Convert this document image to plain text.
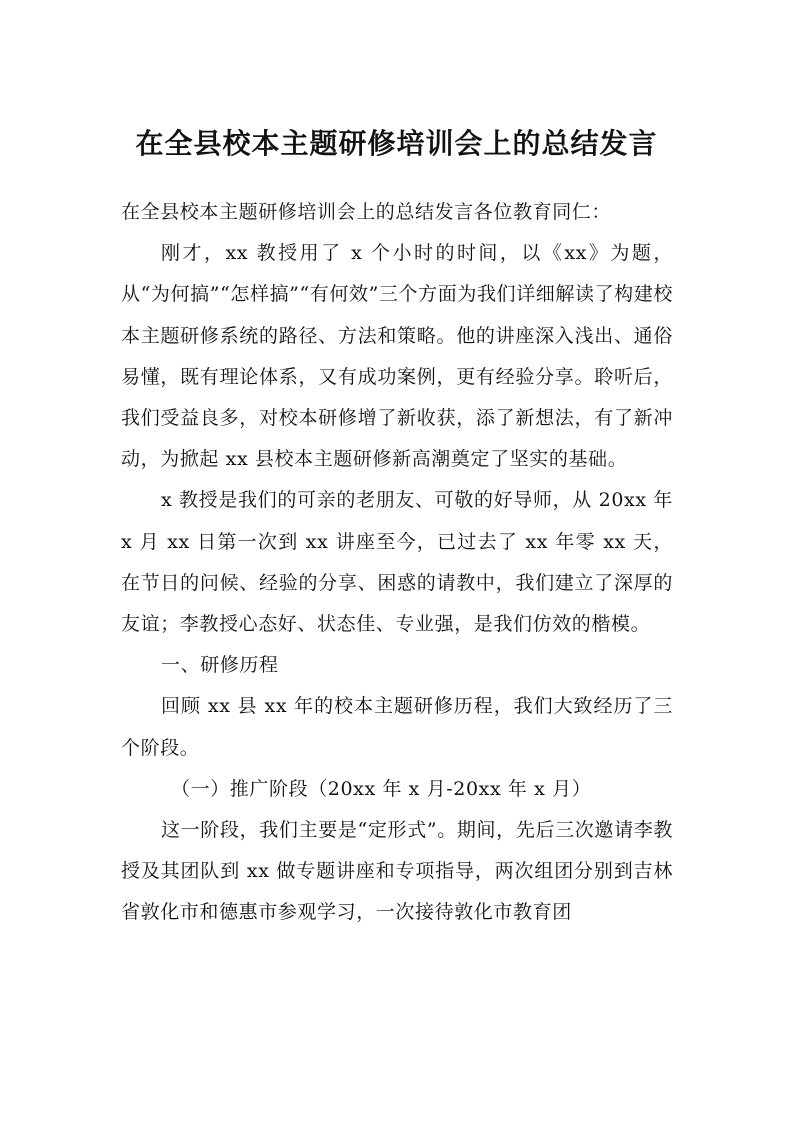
在全县校本主题研修培训会上的总结发言

在全县校本主题研修培训会上的总结发言各位教育同仁：

刚才，xx 教授用了 x 个小时的时间，以《xx》为题，从“为何搞”“怎样搞”“有何效”三个方面为我们详细解读了构建校本主题研修系统的路径、方法和策略。他的讲座深入浅出、通俗易懂，既有理论体系，又有成功案例，更有经验分享。聆听后，我们受益良多，对校本研修增了新收获，添了新想法，有了新冲动，为掀起 xx 县校本主题研修新高潮奠定了坚实的基础。

x 教授是我们的可亲的老朋友、可敬的好导师，从 20xx 年 x 月 xx 日第一次到 xx 讲座至今，已过去了 xx 年零 xx 天，在节日的问候、经验的分享、困惑的请教中，我们建立了深厚的友谊；李教授心态好、状态佳、专业强，是我们仿效的楷模。

一、研修历程

回顾 xx 县 xx 年的校本主题研修历程，我们大致经历了三个阶段。

（一）推广阶段（20xx 年 x 月-20xx 年 x 月）

这一阶段，我们主要是“定形式”。期间，先后三次邀请李教授及其团队到 xx 做专题讲座和专项指导，两次组团分别到吉林省敦化市和德惠市参观学习，一次接待敦化市教育团
